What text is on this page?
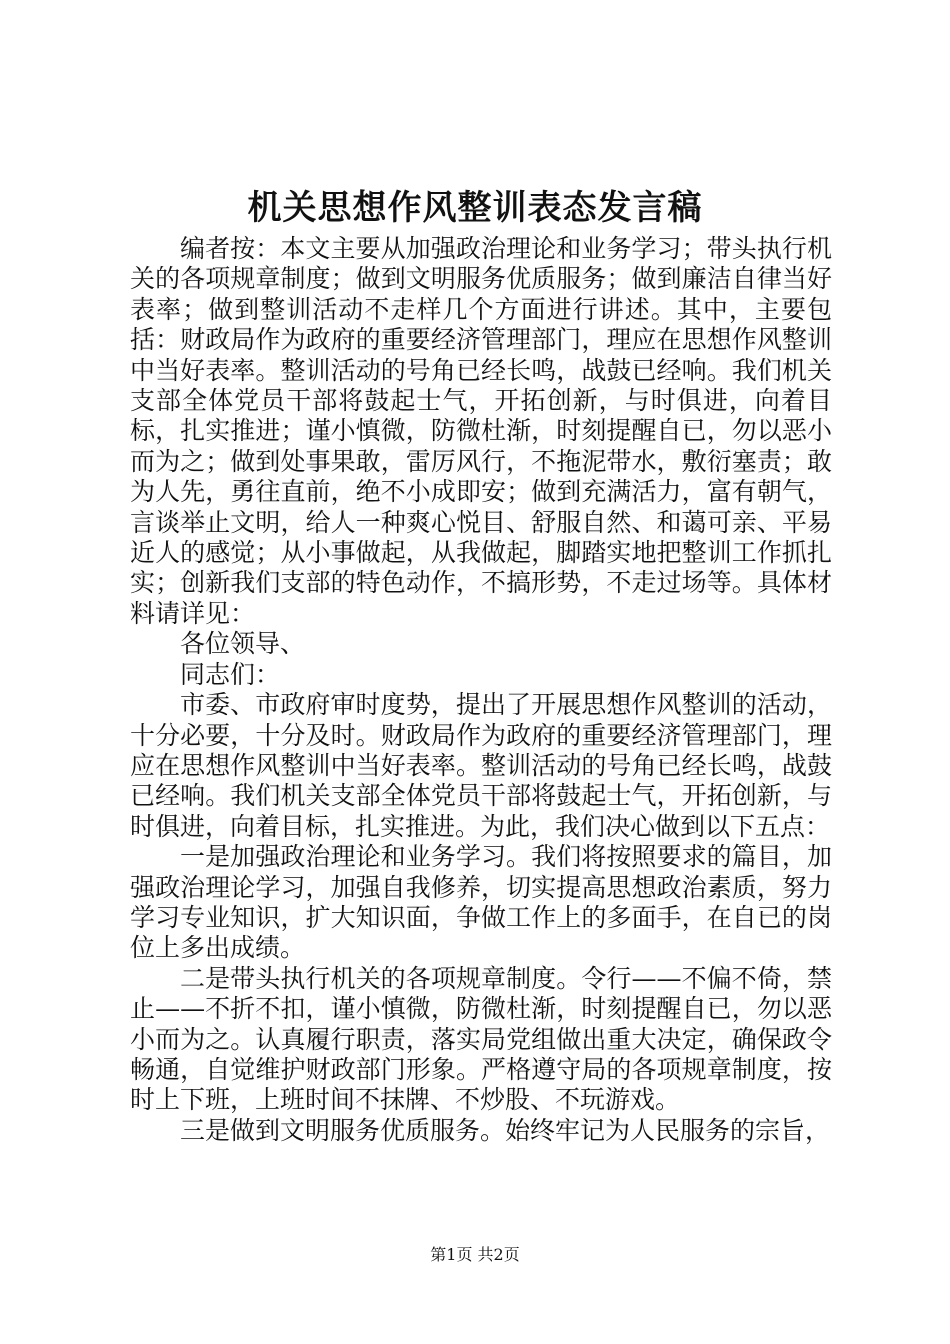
机关思想作风整训表态发言稿

编者按：本文主要从加强政治理论和业务学习；带头执行机关的各项规章制度；做到文明服务优质服务；做到廉洁自律当好表率；做到整训活动不走样几个方面进行讲述。其中，主要包括：财政局作为政府的重要经济管理部门，理应在思想作风整训中当好表率。整训活动的号角已经长鸣，战鼓已经响。我们机关支部全体党员干部将鼓起士气，开拓创新，与时俱进，向着目标，扎实推进；谨小慎微，防微杜渐，时刻提醒自已，勿以恶小而为之；做到处事果敢，雷厉风行，不拖泥带水，敷衍塞责；敢为人先，勇往直前，绝不小成即安；做到充满活力，富有朝气，言谈举止文明，给人一种爽心悦目、舒服自然、和蔼可亲、平易近人的感觉；从小事做起，从我做起，脚踏实地把整训工作抓扎实；创新我们支部的特色动作，不搞形势，不走过场等。具体材料请详见：

各位领导、

同志们：

市委、市政府审时度势，提出了开展思想作风整训的活动，十分必要，十分及时。财政局作为政府的重要经济管理部门，理应在思想作风整训中当好表率。整训活动的号角已经长鸣，战鼓已经响。我们机关支部全体党员干部将鼓起士气，开拓创新，与时俱进，向着目标，扎实推进。为此，我们决心做到以下五点：

一是加强政治理论和业务学习。我们将按照要求的篇目，加强政治理论学习，加强自我修养，切实提高思想政治素质，努力学习专业知识，扩大知识面，争做工作上的多面手，在自已的岗位上多出成绩。

二是带头执行机关的各项规章制度。令行——不偏不倚，禁止——不折不扣，谨小慎微，防微杜渐，时刻提醒自已，勿以恶小而为之。认真履行职责，落实局党组做出重大决定，确保政令畅通，自觉维护财政部门形象。严格遵守局的各项规章制度，按时上下班，上班时间不抹牌、不炒股、不玩游戏。

三是做到文明服务优质服务。始终牢记为人民服务的宗旨，

第1页 共2页
